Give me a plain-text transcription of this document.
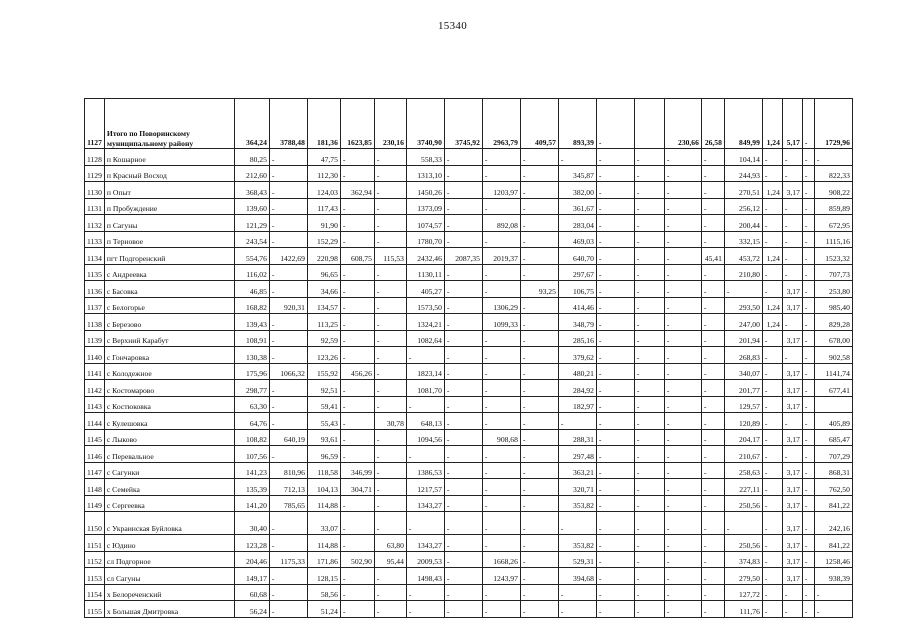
15340
1127	Итого по Поворинскому муниципальному району	364,24	3788,48	181,36	1623,85	230,16	3740,90	3745,92	2963,79	409,57	893,39	-		230,66	26,58	849,99	1,24	5,17	-	1729,96
1128	п Кошарное	80,25	-	47,75	-	-	558,33	-	-	-	-	-	-	-	-	104,14	-	-	-	-
1129	п Красный Восход	212,60	-	112,30	-	-	1313,10	-	-	-	345,87	-	-	-	-	244,93	-	-	-	822,33
1130	п Опыт	368,43	-	124,03	362,94	-	1450,26	-	1203,97	-	382,00	-	-	-	-	270,51	1,24	3,17	-	908,22
1131	п Пробуждение	139,60	-	117,43	-	-	1373,09	-	-	-	361,67	-	-	-	-	256,12	-	-	-	859,89
1132	п Сагуны	121,29	-	91,90	-	-	1074,57	-	892,08	-	283,04	-	-	-	-	200,44	-	-	-	672,95
1133	п Терновое	243,54	-	152,29	-	-	1780,70	-	-	-	469,03	-	-	-	-	332,15	-	-	-	1115,16
1134	пгт Подгоренский	554,76	1422,69	220,98	608,75	115,53	2432,46	2087,35	2019,37	-	640,70	-	-	-	45,41	453,72	1,24	-	-	1523,32
1135	с Андреевка	116,02	-	96,65	-	-	1130,11	-	-	-	297,67	-	-	-	-	210,80	-	-	-	707,73
1136	с Басовка	46,85	-	34,66	-	-	405,27	-	-	93,25	106,75	-	-	-	-	-	-	3,17	-	253,80
1137	с Белогорье	168,82	920,31	134,57	-	-	1573,50	-	1306,29	-	414,46	-	-	-	-	293,50	1,24	3,17	-	985,40
1138	с Березово	139,43	-	113,25	-	-	1324,21	-	1099,33	-	348,79	-	-	-	-	247,00	1,24	-	-	829,28
1139	с Верхний Карабут	108,91	-	92,59	-	-	1082,64	-	-	-	285,16	-	-	-	-	201,94	-	3,17	-	678,00
1140	с Гончаровка	130,38	-	123,26	-	-	-	-	-	-	379,62	-	-	-	-	268,83	-	-	-	902,58
1141	с Колодежное	175,96	1066,32	155,92	456,26	-	1823,14	-	-	-	480,21	-	-	-	-	340,07	-	3,17	-	1141,74
1142	с Костомарово	298,77	-	92,51	-	-	1081,70	-	-	-	284,92	-	-	-	-	201,77	-	3,17	-	677,41
1143	с Костюковка	63,30	-	59,41	-	-	-	-	-	-	182,97	-	-	-	-	129,57	-	3,17	-	
1144	с Кулешовка	64,76	-	55,43	-	30,78	648,13	-	-	-	-	-	-	-	-	120,89	-	-	-	405,89
1145	с Лыково	108,82	640,19	93,61	-	-	1094,56	-	908,68	-	288,31	-	-	-	-	204,17	-	3,17	-	685,47
1146	с Перевальное	107,56	-	96,59	-	-	-	-	-	-	297,48	-	-	-	-	210,67	-	-	-	707,29
1147	с Сагунки	141,23	810,96	118,58	346,99	-	1386,53	-	-	-	363,21	-	-	-	-	258,63	-	3,17	-	868,31
1148	с Семейка	135,39	712,13	104,13	304,71	-	1217,57	-	-	-	320,71	-	-	-	-	227,11	-	3,17	-	762,50
1149	с Сергеевка	141,20	785,65	114,88	-	-	1343,27	-	-	-	353,82	-	-	-	-	250,56	-	3,17	-	841,22
1150	с Украинская Буйловка	30,40	-	33,07	-	-	-	-	-	-	-	-	-	-	-	-	-	3,17	-	242,16
1151	с Юдино	123,28	-	114,88	-	63,80	1343,27	-	-	-	353,82	-	-	-	-	250,56	-	3,17	-	841,22
1152	сл Подгорное	204,46	1175,33	171,86	502,90	95,44	2009,53	-	1668,26	-	529,31	-	-	-	-	374,83	-	3,17	-	1258,46
1153	сл Сагуны	149,17	-	128,15	-	-	1498,43	-	1243,97	-	394,68	-	-	-	-	279,50	-	3,17	-	938,39
1154	х Белореченский	60,68	-	58,56	-	-	-	-	-	-	-	-	-	-	-	127,72	-	-	-	-
1155	х Большая Дмитровка	56,24	-	51,24	-	-	-	-	-	-	-	-	-	-	-	111,76	-	-	-	-
